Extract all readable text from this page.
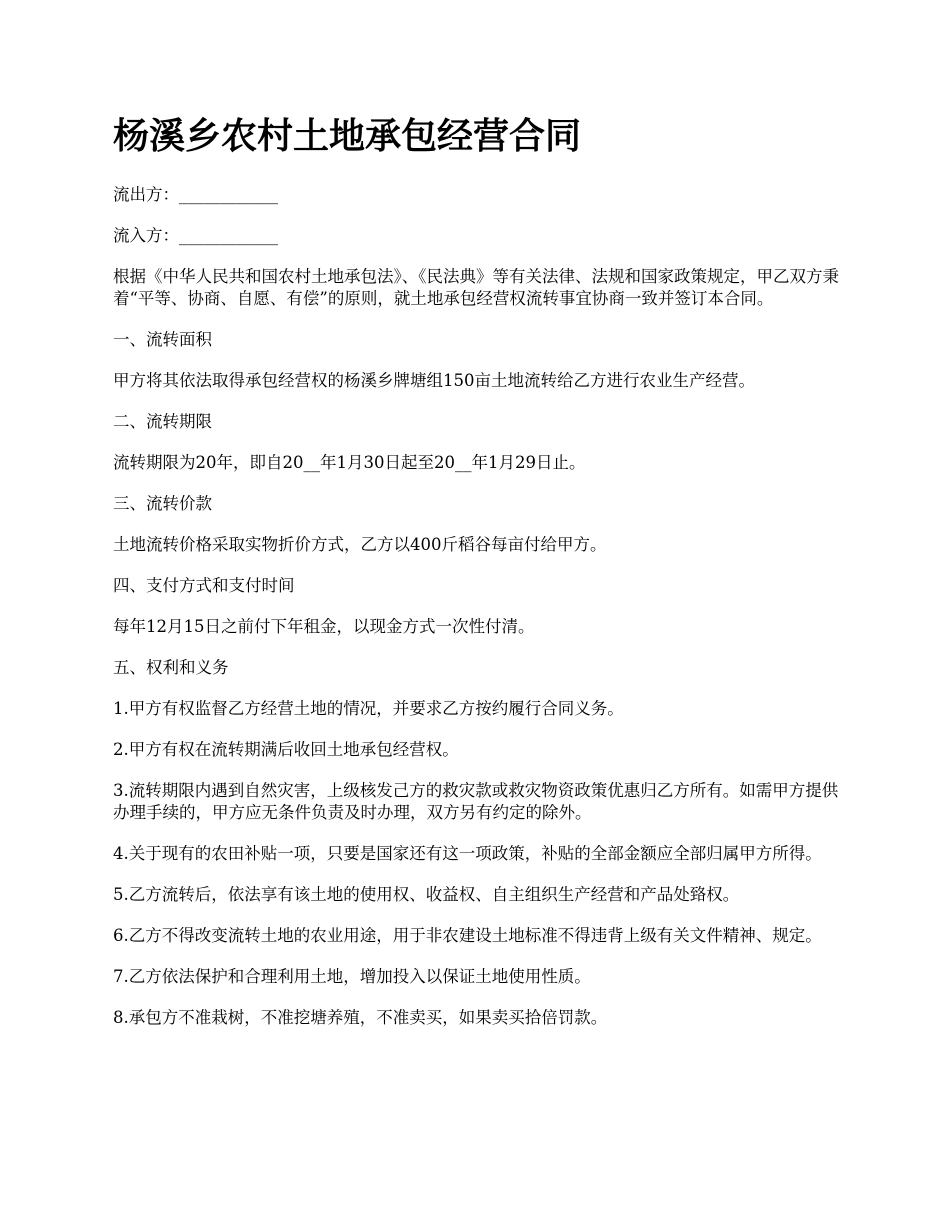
杨溪乡农村土地承包经营合同

流出方：____________

流入方：____________

根据《中华人民共和国农村土地承包法》、《民法典》等有关法律、法规和国家政策规定，甲乙双方秉着“平等、协商、自愿、有偿”的原则，就土地承包经营权流转事宜协商一致并签订本合同。

一、流转面积

甲方将其依法取得承包经营权的杨溪乡牌塘组150亩土地流转给乙方进行农业生产经营。

二、流转期限

流转期限为20年，即自20__年1月30日起至20__年1月29日止。

三、流转价款

土地流转价格采取实物折价方式，乙方以400斤稻谷每亩付给甲方。

四、支付方式和支付时间

每年12月15日之前付下年租金，以现金方式一次性付清。

五、权利和义务

1.甲方有权监督乙方经营土地的情况，并要求乙方按约履行合同义务。

2.甲方有权在流转期满后收回土地承包经营权。

3.流转期限内遇到自然灾害，上级核发己方的救灾款或救灾物资政策优惠归乙方所有。如需甲方提供办理手续的，甲方应无条件负责及时办理，双方另有约定的除外。

4.关于现有的农田补贴一项，只要是国家还有这一项政策，补贴的全部金额应全部归属甲方所得。

5.乙方流转后，依法享有该土地的使用权、收益权、自主组织生产经营和产品处臵权。

6.乙方不得改变流转土地的农业用途，用于非农建设土地标准不得违背上级有关文件精神、规定。

7.乙方依法保护和合理利用土地，增加投入以保证土地使用性质。

8.承包方不准栽树，不准挖塘养殖，不准卖买，如果卖买拾倍罚款。
